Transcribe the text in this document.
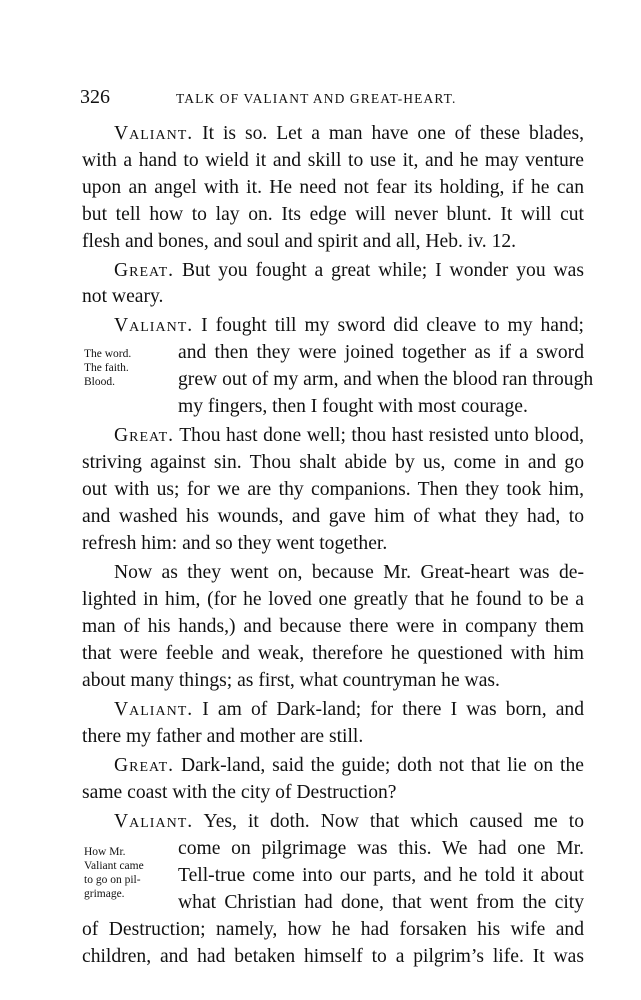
326	TALK OF VALIANT AND GREAT-HEART.
Valiant. It is so. Let a man have one of these blades,
with a hand to wield it and skill to use it, and he may venture
upon an angel with it. He need not fear its holding, if he can
but tell how to lay on. Its edge will never blunt. It will cut
flesh and bones, and soul and spirit and all, Heb. iv. 12.
Great. But you fought a great while; I wonder you was
not weary.
Valiant. I fought till my sword did cleave to my hand;
and then they were joined together as if a sword
grew out of my arm, and when the blood ran through
my fingers, then I fought with most courage.
The word.
The faith.
Blood.
Great. Thou hast done well; thou hast resisted unto blood,
striving against sin. Thou shalt abide by us, come in and go
out with us; for we are thy companions. Then they took him,
and washed his wounds, and gave him of what they had, to
refresh him: and so they went together.
Now as they went on, because Mr. Great-heart was de-
lighted in him, (for he loved one greatly that he found to be a
man of his hands,) and because there were in company them
that were feeble and weak, therefore he questioned with him
about many things; as first, what countryman he was.
Valiant. I am of Dark-land; for there I was born, and
there my father and mother are still.
Great. Dark-land, said the guide; doth not that lie on the
same coast with the city of Destruction?
Valiant. Yes, it doth. Now that which caused me to
come on pilgrimage was this. We had one Mr.
Tell-true come into our parts, and he told it about
what Christian had done, that went from the city
of Destruction; namely, how he had forsaken his wife and
children, and had betaken himself to a pilgrim’s life. It was
How Mr.
Valiant came
to go on pil-
grimage.
